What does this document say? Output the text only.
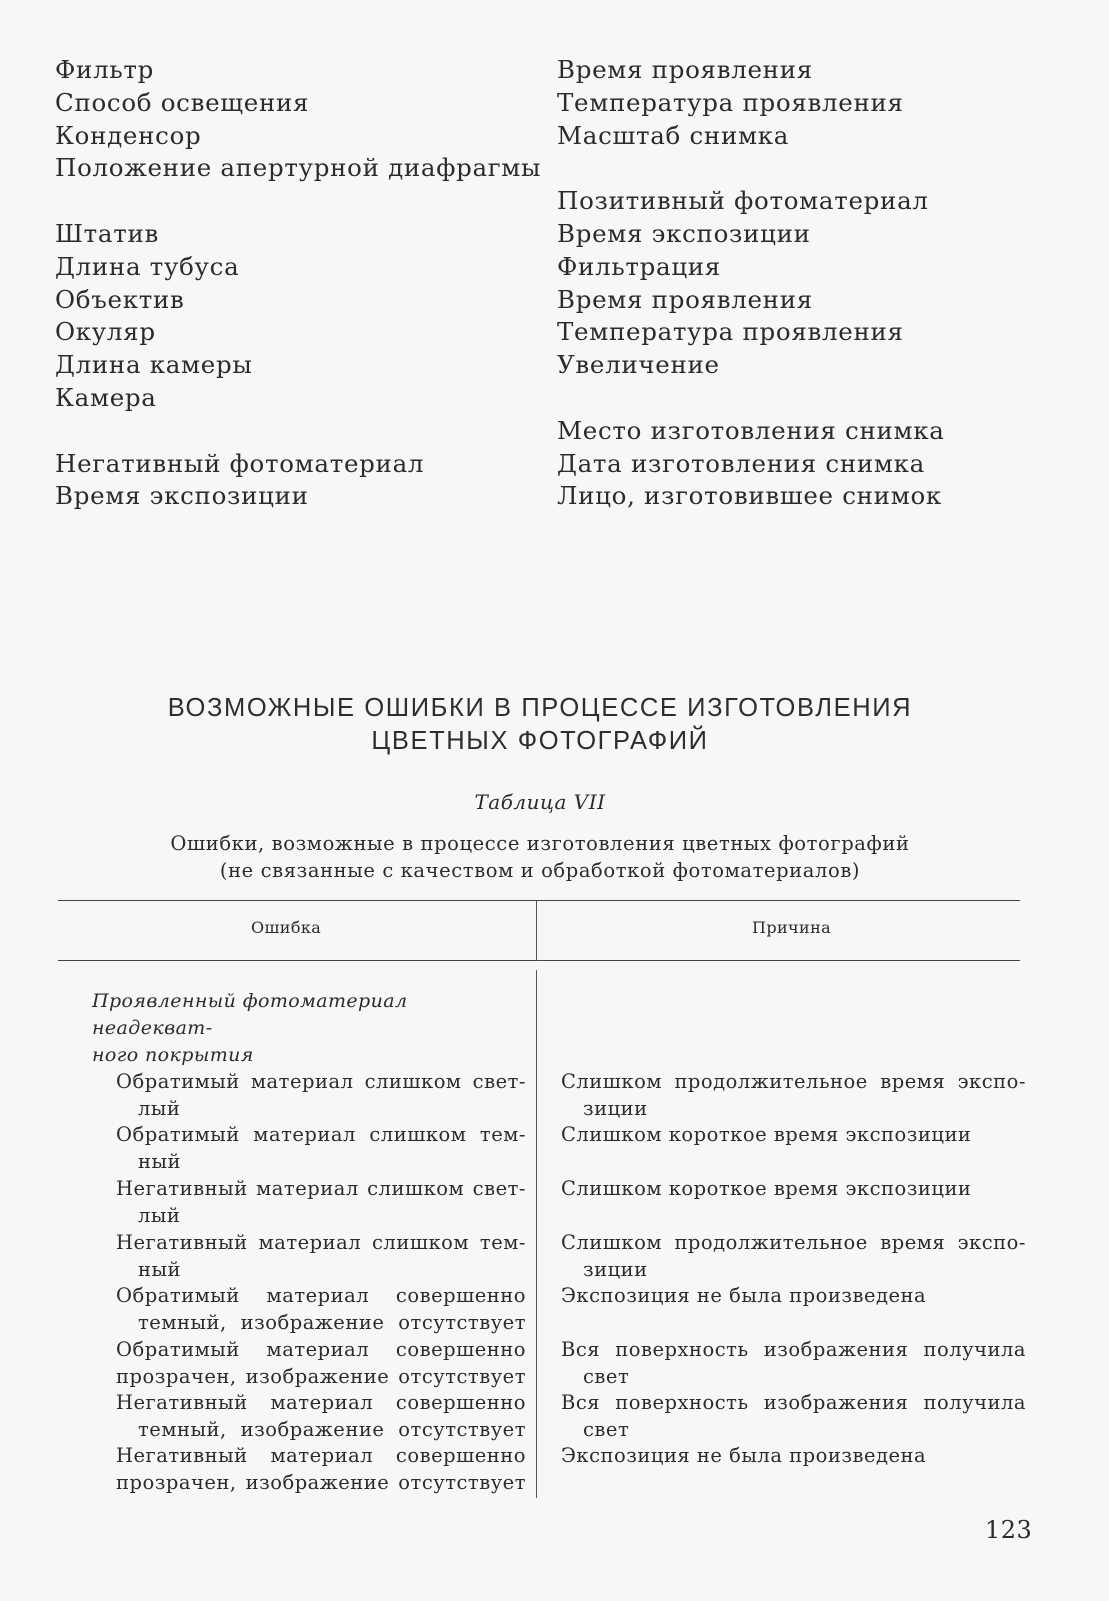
Фильтр
Способ освещения
Конденсор
Положение апертурной диафрагмы
Штатив
Длина тубуса
Объектив
Окуляр
Длина камеры
Камера
Негативный фотоматериал
Время экспозиции
Время проявления
Температура проявления
Масштаб снимка
Позитивный фотоматериал
Время экспозиции
Фильтрация
Время проявления
Температура проявления
Увеличение
Место изготовления снимка
Дата изготовления снимка
Лицо, изготовившее снимок
ВОЗМОЖНЫЕ ОШИБКИ В ПРОЦЕССЕ ИЗГОТОВЛЕНИЯ
ЦВЕТНЫХ ФОТОГРАФИЙ
Таблица VII
Ошибки, возможные в процессе изготовления цветных фотографий
(не связанные с качеством и обработкой фотоматериалов)
Ошибка	Причина
Проявленный фотоматериал неадекват-
ного покрытия
Обратимый материал слишком свет-
лый
Слишком продолжительное время экспо-
зиции
Обратимый материал слишком тем-
ный
Слишком короткое время экспозиции
Негативный материал слишком свет-
лый
Слишком короткое время экспозиции
Негативный материал слишком тем-
ный
Слишком продолжительное время экспо-
зиции
Обратимый материал совершенно
темный, изображение отсутствует
Экспозиция не была произведена
Обратимый материал совершенно
прозрачен, изображение отсутствует
Вся поверхность изображения получила
свет
Негативный материал совершенно
темный, изображение отсутствует
Вся поверхность изображения получила
свет
Негативный материал совершенно
прозрачен, изображение отсутствует
Экспозиция не была произведена
123
